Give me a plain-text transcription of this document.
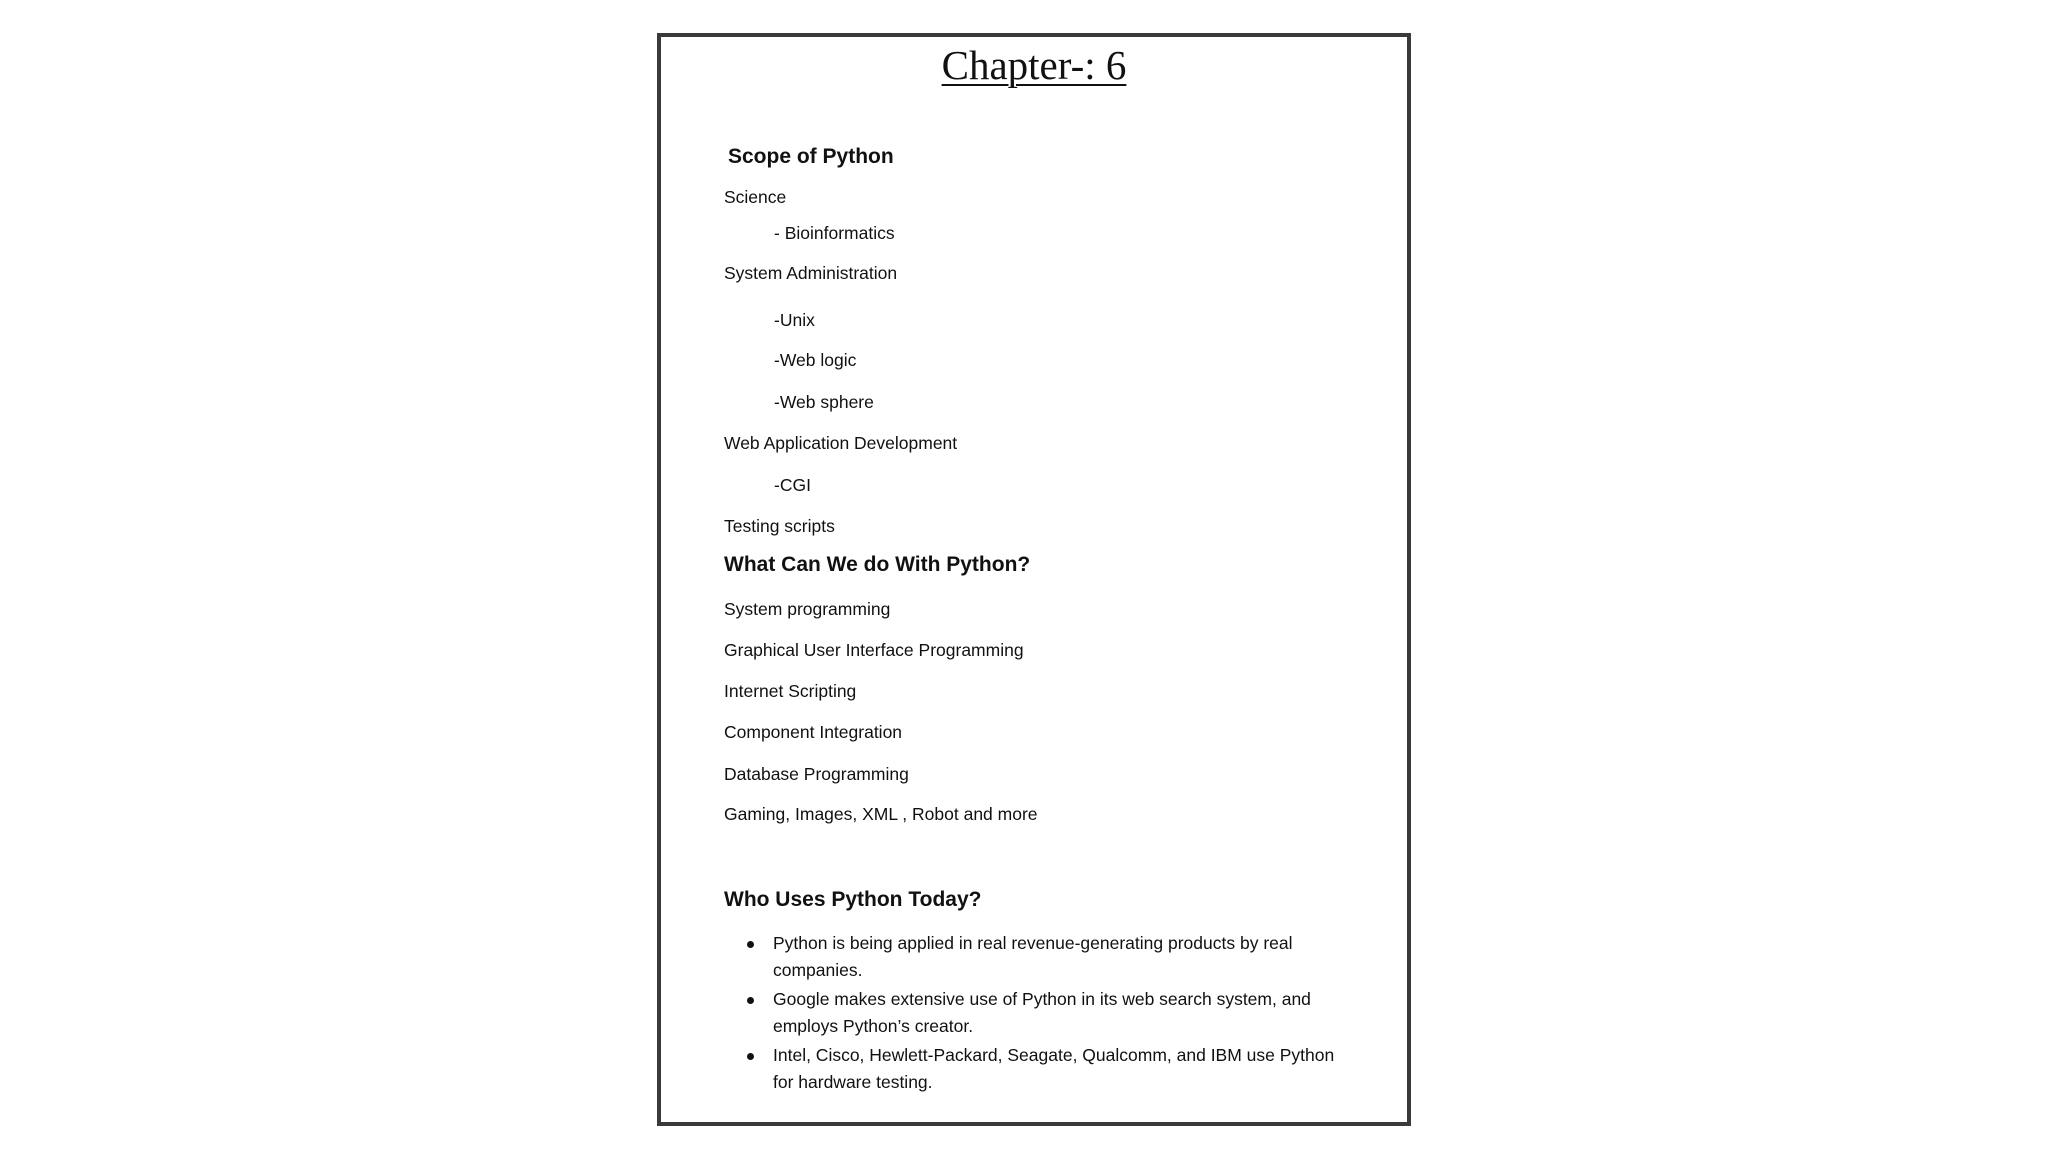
Chapter-: 6
Scope of Python

Science

- Bioinformatics

System Administration

-Unix

-Web logic

-Web sphere

Web Application Development

-CGI

Testing scripts

What Can We do With Python?

System programming

Graphical User Interface Programming

Internet Scripting

Component Integration

Database Programming

Gaming, Images, XML , Robot and more

Who Uses Python Today?
Python is being applied in real revenue-generating products by real companies.
Google makes extensive use of Python in its web search system, and employs Python’s creator.
Intel, Cisco, Hewlett-Packard, Seagate, Qualcomm, and IBM use Python for hardware testing.
